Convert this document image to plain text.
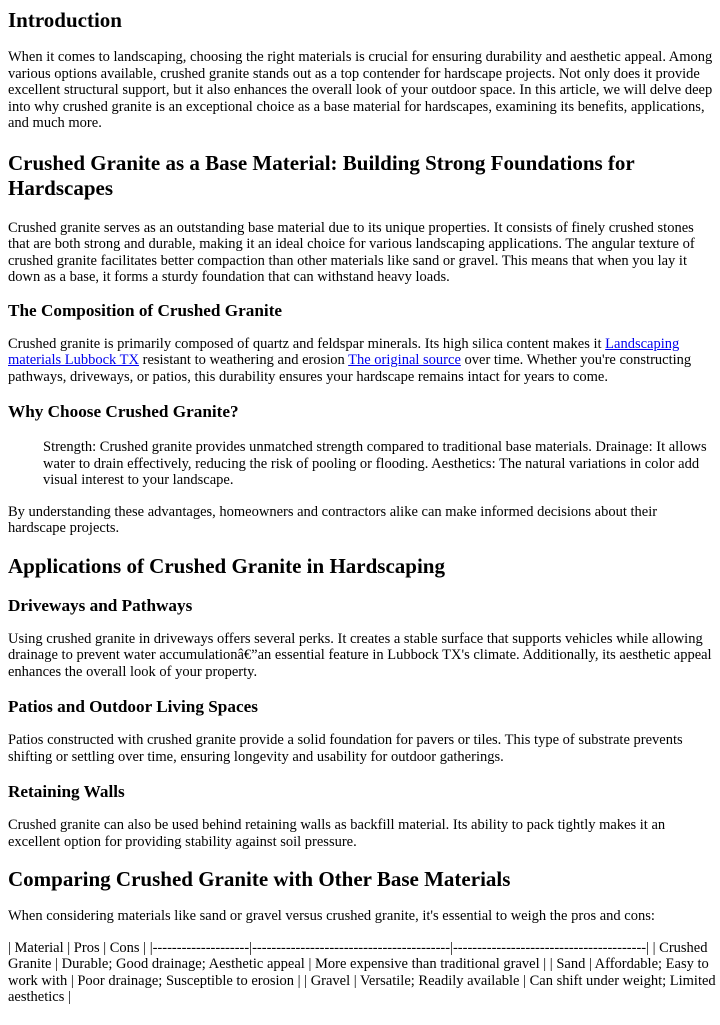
Introduction

When it comes to landscaping, choosing the right materials is crucial for ensuring durability and aesthetic appeal. Among various options available, crushed granite stands out as a top contender for hardscape projects. Not only does it provide excellent structural support, but it also enhances the overall look of your outdoor space. In this article, we will delve deep into why crushed granite is an exceptional choice as a base material for hardscapes, examining its benefits, applications, and much more.

Crushed Granite as a Base Material: Building Strong Foundations for Hardscapes

Crushed granite serves as an outstanding base material due to its unique properties. It consists of finely crushed stones that are both strong and durable, making it an ideal choice for various landscaping applications. The angular texture of crushed granite facilitates better compaction than other materials like sand or gravel. This means that when you lay it down as a base, it forms a sturdy foundation that can withstand heavy loads.

The Composition of Crushed Granite

Crushed granite is primarily composed of quartz and feldspar minerals. Its high silica content makes it Landscaping materials Lubbock TX resistant to weathering and erosion The original source over time. Whether you're constructing pathways, driveways, or patios, this durability ensures your hardscape remains intact for years to come.

Why Choose Crushed Granite?
Strength: Crushed granite provides unmatched strength compared to traditional base materials. Drainage: It allows water to drain effectively, reducing the risk of pooling or flooding. Aesthetics: The natural variations in color add visual interest to your landscape.

By understanding these advantages, homeowners and contractors alike can make informed decisions about their hardscape projects.

Applications of Crushed Granite in Hardscaping
Driveways and Pathways

Using crushed granite in driveways offers several perks. It creates a stable surface that supports vehicles while allowing drainage to prevent water accumulationâ€”an essential feature in Lubbock TX's climate. Additionally, its aesthetic appeal enhances the overall look of your property.

Patios and Outdoor Living Spaces

Patios constructed with crushed granite provide a solid foundation for pavers or tiles. This type of substrate prevents shifting or settling over time, ensuring longevity and usability for outdoor gatherings.

Retaining Walls

Crushed granite can also be used behind retaining walls as backfill material. Its ability to pack tightly makes it an excellent option for providing stability against soil pressure.

Comparing Crushed Granite with Other Base Materials

When considering materials like sand or gravel versus crushed granite, it's essential to weigh the pros and cons:

| Material | Pros | Cons | |--------------------|-----------------------------------------|----------------------------------------| | Crushed Granite | Durable; Good drainage; Aesthetic appeal | More expensive than traditional gravel | | Sand | Affordable; Easy to work with | Poor drainage; Susceptible to erosion | | Gravel | Versatile; Readily available | Can shift under weight; Limited aesthetics |
